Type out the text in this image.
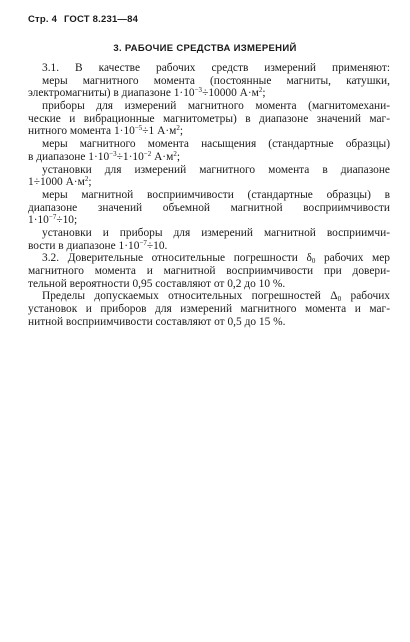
Стр. 4 ГОСТ 8.231—84
3. РАБОЧИЕ СРЕДСТВА ИЗМЕРЕНИЙ
3.1. В качестве рабочих средств измерений применяют:
меры магнитного момента (постоянные магниты, катушки,
электромагниты) в диапазоне $1\cdot 10^{-3}\div 10000$ $А\cdot м^2$;
приборы для измерений магнитного момента (магнитомехани-
ческие и вибрационные магнитометры) в диапазоне значений маг-
нитного момента $1\cdot 10^{-5}\div 1$ $А\cdot м^2$;
меры магнитного момента насыщения (стандартные образцы)
в диапазоне $1\cdot 10^{-3}\div 1\cdot 10^{-2}$ $А\cdot м^2$;
установки для измерений магнитного момента в диапазоне
1÷1000 $А\cdot м^2$;
меры магнитной восприимчивости (стандартные образцы) в
диапазоне значений объемной магнитной восприимчивости
$1\cdot 10^{-7}\div 10$;
установки и приборы для измерений магнитной восприимчи-
вости в диапазоне $1\cdot 10^{-7}\div 10$.
3.2. Доверительные относительные погрешности $\delta_0$ рабочих мер
магнитного момента и магнитной восприимчивости при довери-
тельной вероятности 0,95 составляют от 0,2 до 10 %.
Пределы допускаемых относительных погрешностей $\Delta_0$ рабочих
установок и приборов для измерений магнитного момента и маг-
нитной восприимчивости составляют от 0,5 до 15 %.
